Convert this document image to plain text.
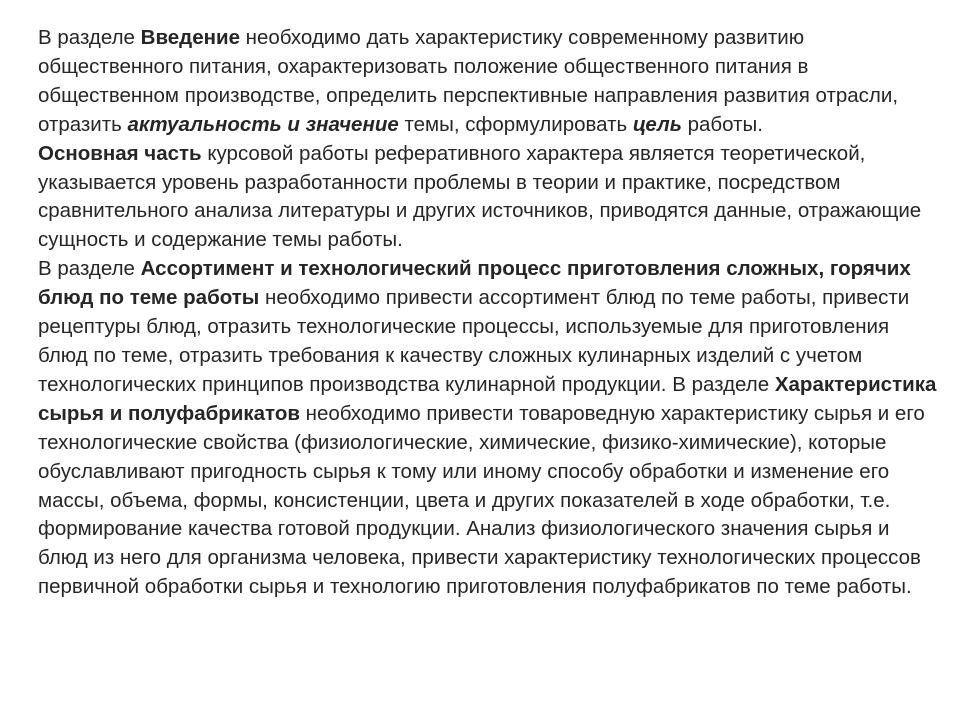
В разделе Введение необходимо дать характеристику современному развитию общественного питания, охарактеризовать положение общественного питания в общественном производстве, определить перспективные направления развития отрасли, отразить актуальность и значение темы, сформулировать цель работы.

Основная часть курсовой работы реферативного характера является теоретической, указывается уровень разработанности проблемы в теории и практике, посредством сравнительного анализа литературы и других источников, приводятся данные, отражающие сущность и содержание темы работы.

В разделе Ассортимент и технологический процесс приготовления сложных, горячих блюд по теме работы необходимо привести ассортимент блюд по теме работы, привести рецептуры блюд, отразить технологические процессы, используемые для приготовления блюд по теме, отразить требования к качеству сложных кулинарных изделий с учетом технологических принципов производства кулинарной продукции. В разделе Характеристика сырья и полуфабрикатов необходимо привести товароведную характеристику сырья и его технологические свойства (физиологические, химические, физико-химические), которые обуславливают пригодность сырья к тому или иному способу обработки и изменение его массы, объема, формы, консистенции, цвета и других показателей в ходе обработки, т.е. формирование качества готовой продукции. Анализ физиологического значения сырья и блюд из него для организма человека, привести характеристику технологических процессов первичной обработки сырья и технологию приготовления полуфабрикатов по теме работы.
